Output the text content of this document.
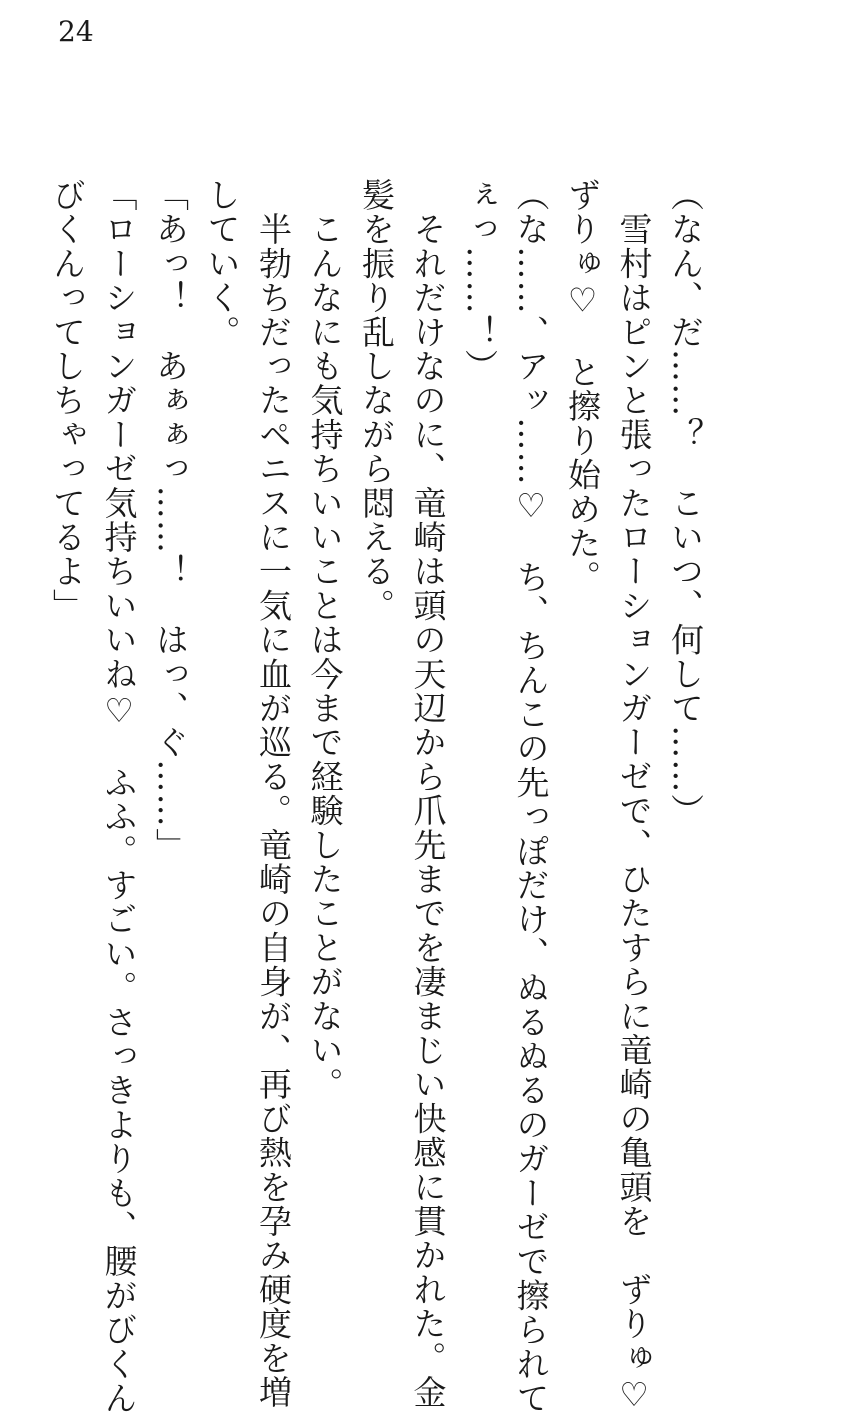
24

（なん、だ……？　こいつ、何して……）

　雪村はピンと張ったローションガーゼで、ひたすらに竜崎の亀頭を　ずりゅ♡

ずりゅ♡　と擦り始めた。

（な……、アッ……♡　ち、ちんこの先っぽだけ、ぬるぬるのガーゼで擦られて

ぇっ……！）

　それだけなのに、竜崎は頭の天辺から爪先までを凄まじい快感に貫かれた。金

髪を振り乱しながら悶える。

　こんなにも気持ちいいことは今まで経験したことがない。

　半勃ちだったペニスに一気に血が巡る。竜崎の自身が、再び熱を孕み硬度を増

していく。

「あっ！　あぁぁっ……！　はっ、ぐ……」

「ローションガーゼ気持ちいいね♡　ふふ。すごい。さっきよりも、腰がびくん

びくんってしちゃってるよ」
